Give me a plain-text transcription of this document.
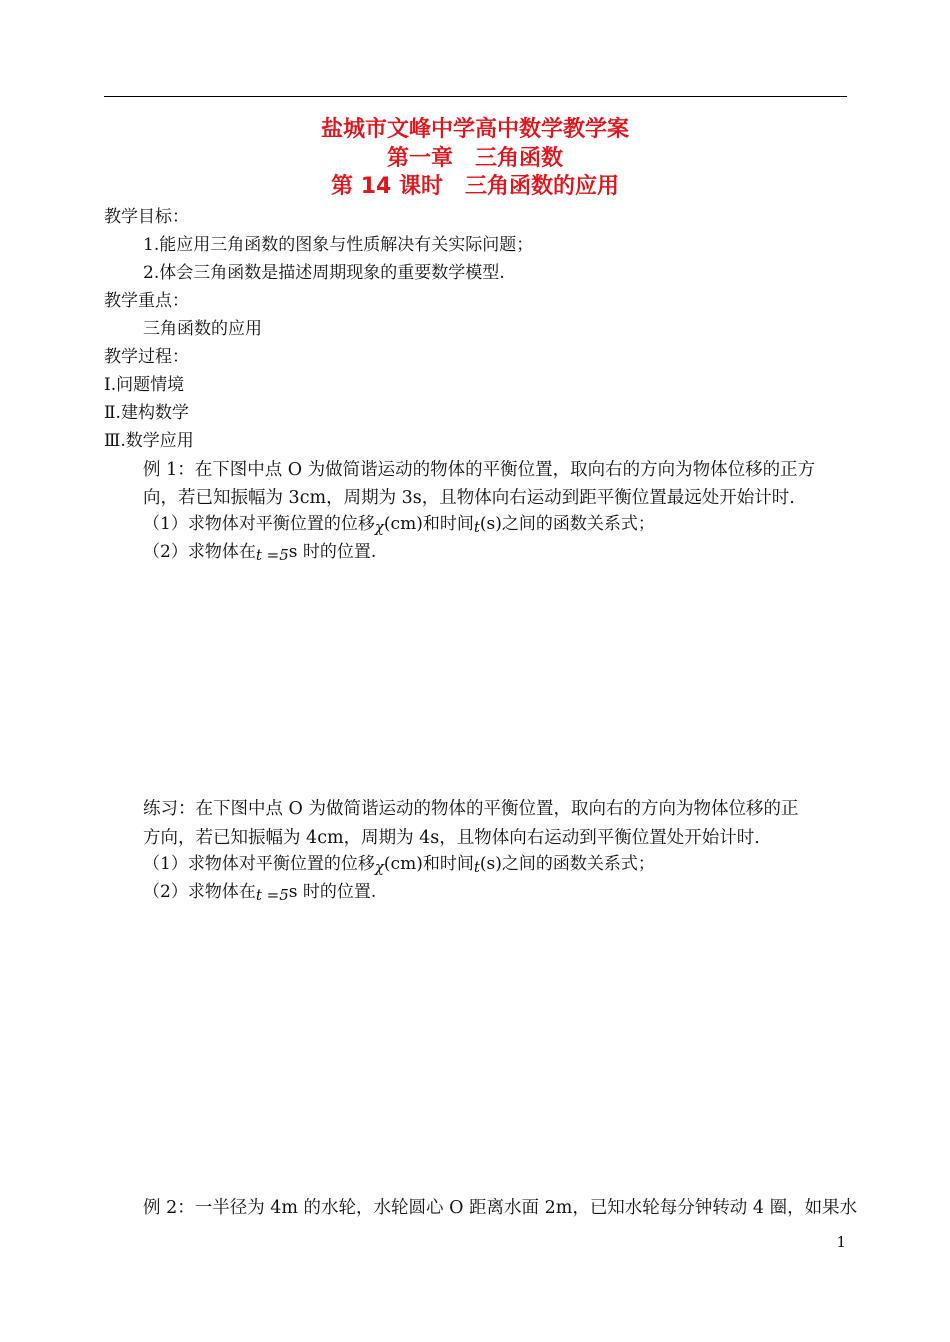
盐城市文峰中学高中数学教学案
第一章　三角函数
第 14 课时　三角函数的应用
教学目标：
1.能应用三角函数的图象与性质解决有关实际问题；
2.体会三角函数是描述周期现象的重要数学模型.
教学重点：
三角函数的应用
教学过程：
Ⅰ.问题情境
Ⅱ.建构数学
Ⅲ.数学应用
例 1：在下图中点 O 为做简谐运动的物体的平衡位置，取向右的方向为物体位移的正方
向，若已知振幅为 3cm，周期为 3s，且物体向右运动到距平衡位置最远处开始计时.
（1）求物体对平衡位置的位移χ(cm)和时间t(s)之间的函数关系式；
（2）求物体在t =5s 时的位置.
练习：在下图中点 O 为做简谐运动的物体的平衡位置，取向右的方向为物体位移的正
方向，若已知振幅为 4cm，周期为 4s，且物体向右运动到平衡位置处开始计时.
（1）求物体对平衡位置的位移χ(cm)和时间t(s)之间的函数关系式；
（2）求物体在t =5s 时的位置.
例 2：一半径为 4m 的水轮，水轮圆心 O 距离水面 2m，已知水轮每分钟转动 4 圈，如果水
1
